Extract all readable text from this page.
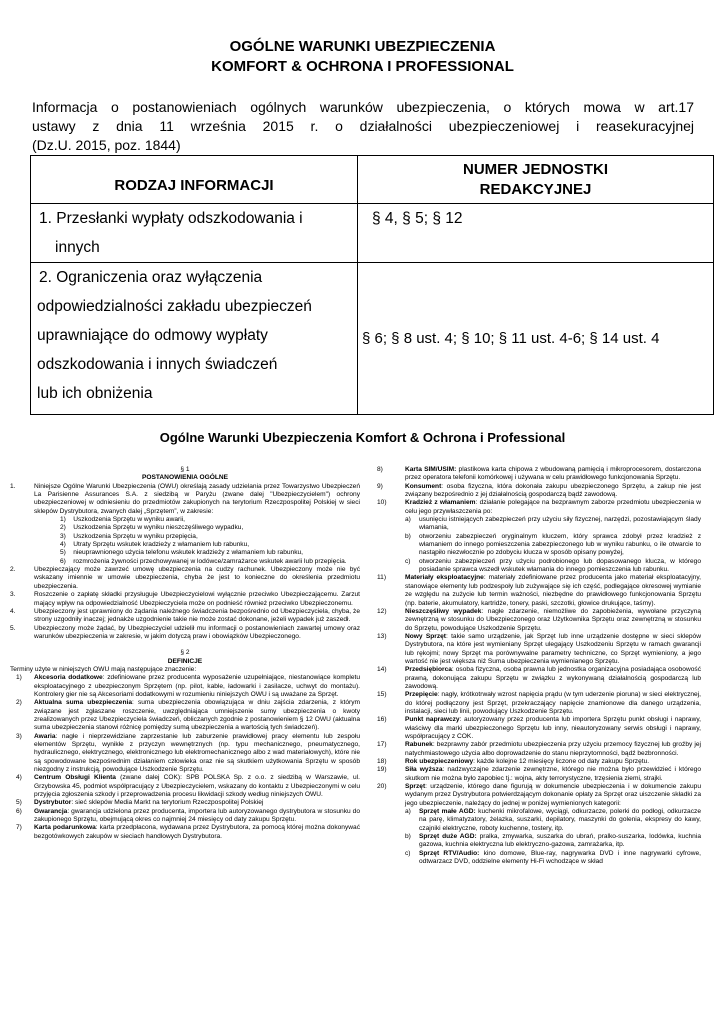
OGÓLNE WARUNKI UBEZPIECZENIA
KOMFORT & OCHRONA I PROFESSIONAL
Informacja o postanowieniach ogólnych warunków ubezpieczenia, o których mowa w art.17
ustawy z dnia 11 września 2015 r. o działalności ubezpieczeniowej i reasekuracyjnej
(Dz.U. 2015, poz. 1844)
RODZAJ INFORMACJI	NUMER JEDNOSTKI
REDAKCYJNEJ

1. Przesłanki wypłaty odszkodowania i
innych	§ 4, § 5; § 12

2. Ograniczenia oraz wyłączenia
odpowiedzialności zakładu ubezpieczeń
uprawniające do odmowy wypłaty
odszkodowania i innych świadczeń
lub ich obniżenia	§ 6; § 8 ust. 4; § 10; § 11 ust. 4-6; § 14 ust. 4
Ogólne Warunki Ubezpieczenia Komfort & Ochrona i Professional
§ 1
POSTANOWIENIA OGÓLNE
1.	Niniejsze Ogólne Warunki Ubezpieczenia (OWU) określają zasady udzielania przez Towarzystwo Ubezpieczeń La Parisienne Assurances S.A. z siedzibą w Paryżu (zwane dalej "Ubezpieczycielem") ochrony ubezpieczeniowej w odniesieniu do przedmiotów zakupionych na terytorium Rzeczpospolitej Polskiej w sieci sklepów Dystrybutora, zwanych dalej „Sprzętem”, w zakresie:
1)    Uszkodzenia Sprzętu w wyniku awarii,
2)    Uszkodzenia Sprzętu w wyniku nieszczęśliwego wypadku,
3)    Uszkodzenia Sprzętu w wyniku przepięcia,
4)    Utraty Sprzętu wskutek kradzieży z włamaniem lub rabunku,
5)    nieuprawnionego użycia telefonu wskutek kradzieży z włamaniem lub rabunku,
6)    rozmrożenia żywności przechowywanej w lodówce/zamrażarce wskutek awarii lub przepięcia.
2.	Ubezpieczający może zawrzeć umowę ubezpieczenia na cudzy rachunek. Ubezpieczony może nie być wskazany imiennie w umowie ubezpieczenia, chyba że jest to konieczne do określenia przedmiotu ubezpieczenia.
3.	Roszczenie o zapłatę składki przysługuje Ubezpieczycielowi wyłącznie przeciwko Ubezpieczającemu. Zarzut mający wpływ na odpowiedzialność Ubezpieczyciela może on podnieść również przeciwko Ubezpieczonemu.
4.	Ubezpieczony jest uprawniony do żądania należnego świadczenia bezpośrednio od Ubezpieczyciela, chyba, że strony uzgodniły inaczej; jednakże uzgodnienie takie nie może zostać dokonane, jeżeli wypadek już zaszedł.
5.	Ubezpieczony może żądać, by Ubezpieczyciel udzielił mu informacji o postanowieniach zawartej umowy oraz warunków ubezpieczenia w zakresie, w jakim dotyczą praw i obowiązków Ubezpieczonego.
§ 2
DEFINICJE
Terminy użyte w niniejszych OWU mają następujące znaczenie:
1)	Akcesoria dodatkowe: zdefiniowane przez producenta wyposażenie uzupełniające, niestanowiące kompletu eksploatacyjnego z ubezpieczonym Sprzętem (np. pilot, kable, ładowarki i zasilacze, uchwyt do montażu). Kontrolery gier nie są Akcesoriami dodatkowymi w rozumieniu niniejszych OWU i są uważane za Sprzęt.
2)	Aktualna suma ubezpieczenia: suma ubezpieczenia obowiązująca w dniu zajścia zdarzenia, z którym związane jest zgłaszane roszczenie, uwzględniająca umniejszenie sumy ubezpieczenia o kwoty zrealizowanych przez Ubezpieczyciela świadczeń, obliczanych zgodnie z postanowieniem § 12 OWU (aktualna suma ubezpieczenia stanowi różnicę pomiędzy sumą ubezpieczenia a wartością tych świadczeń).
3)	Awaria: nagłe i nieprzewidziane zaprzestanie lub zaburzenie prawidłowej pracy elementu lub zespołu elementów Sprzętu, wynikłe z przyczyn wewnętrznych (np. typu mechanicznego, pneumatycznego, hydraulicznego, elektrycznego, elektronicznego lub elektromechanicznego albo z wad materiałowych), które nie są spowodowane bezpośrednim działaniem człowieka oraz nie są skutkiem użytkowania Sprzętu w sposób niezgodny z instrukcją, powodujące Uszkodzenie Sprzętu.
4)	Centrum Obsługi Klienta (zwane dalej COK): SPB POLSKA Sp. z o.o. z siedzibą w Warszawie, ul. Grzybowska 45, podmiot współpracujący z Ubezpieczycielem, wskazany do kontaktu z Ubezpieczonymi w celu przyjęcia zgłoszenia szkody i przeprowadzenia procesu likwidacji szkody według niniejszych OWU.
5)	Dystrybutor: sieć sklepów Media Markt na terytorium Rzeczpospolitej Polskiej
6)	Gwarancja: gwarancja udzielona przez producenta, importera lub autoryzowanego dystrybutora w stosunku do zakupionego Sprzętu, obejmującą okres co najmniej 24 miesięcy od daty zakupu Sprzętu.
7)	Karta podarunkowa: karta przedpłacona, wydawana przez Dystrybutora, za pomocą której można dokonywać bezgotówkowych zakupów w sieciach handlowych Dystrybutora.
8)	Karta SIM/USIM: plastikowa karta chipowa z wbudowaną pamięcią i mikroprocesorem, dostarczona przez operatora telefonii komórkowej i używana w celu prawidłowego funkcjonowania Sprzętu.
9)	Konsument: osoba fizyczna, która dokonała zakupu ubezpieczonego Sprzętu, a zakup nie jest związany bezpośrednio z jej działalnością gospodarczą bądź zawodową.
10)	Kradzież z włamaniem: działanie polegające na bezprawnym zaborze przedmiotu ubezpieczenia w celu jego przywłaszczenia po:
a)	usunięciu istniejących zabezpieczeń przy użyciu siły fizycznej, narzędzi, pozostawiającym ślady włamania,
b)	otworzeniu zabezpieczeń oryginalnym kluczem, który sprawca zdobył przez kradzież z włamaniem do innego pomieszczenia zabezpieczonego lub w wyniku rabunku, o ile otwarcie to nastąpiło niezwłocznie po zdobyciu klucza w sposób opisany powyżej,
c)	otworzeniu zabezpieczeń przy użyciu podrobionego lub dopasowanego klucza, w którego posiadanie sprawca wszedł wskutek włamania do innego pomieszczenia lub rabunku.
11)	Materiały eksploatacyjne: materiały zdefiniowane przez producenta jako materiał eksploatacyjny, stanowiące elementy lub podzespoły lub zużywające się ich część, podlegające okresowej wymianie ze względu na zużycie lub termin ważności, niezbędne do prawidłowego funkcjonowania Sprzętu (np. baterie, akumulatory, kartridże, tonery, paski, szczotki, głowice drukujące, taśmy).
12)	Nieszczęśliwy wypadek: nagłe zdarzenie, niemożliwe do zapobieżenia, wywołane przyczyną zewnętrzną w stosunku do Ubezpieczonego oraz Użytkownika Sprzętu oraz zewnętrzną w stosunku do Sprzętu, powodujące Uszkodzenie Sprzętu.
13)	Nowy Sprzęt: takie samo urządzenie, jak Sprzęt lub inne urządzenie dostępne w sieci sklepów Dystrybutora, na które jest wymieniany Sprzęt ulegający Uszkodzeniu Sprzętu w ramach gwarancji lub rękojmi; nowy Sprzęt ma porównywalne parametry techniczne, co Sprzęt wymieniony, a jego wartość nie jest większa niż Suma ubezpieczenia wymienianego Sprzętu.
14)	Przedsiębiorca: osoba fizyczna, osoba prawna lub jednostka organizacyjna posiadająca osobowość prawną, dokonująca zakupu Sprzętu w związku z wykonywaną działalnością gospodarczą lub zawodową.
15)	Przepięcie: nagły, krótkotrwały wzrost napięcia prądu (w tym uderzenie pioruna) w sieci elektrycznej, do której podłączony jest Sprzęt, przekraczający napięcie znamionowe dla danego urządzenia, instalacji, sieci lub linii, powodujący Uszkodzenie Sprzętu.
16)	Punkt naprawczy: autoryzowany przez producenta lub importera Sprzętu punkt obsługi i naprawy, właściwy dla marki ubezpieczonego Sprzętu lub inny, nieautoryzowany serwis obsługi i naprawy, współpracujący z COK.
17)	Rabunek: bezprawny zabór przedmiotu ubezpieczenia przy użyciu przemocy fizycznej lub groźby jej natychmiastowego użycia albo doprowadzenie do stanu nieprzytomności, bądź bezbronności.
18)	Rok ubezpieczeniowy: każde kolejne 12 miesięcy liczone od daty zakupu Sprzętu.
19)	Siła wyższa: nadzwyczajne zdarzenie zewnętrzne, którego nie można było przewidzieć i którego skutkom nie można było zapobiec tj.: wojna, akty terrorystyczne, trzęsienia ziemi, strajki.
20)	Sprzęt: urządzenie, którego dane figurują w dokumencie ubezpieczenia i w dokumencie zakupu wydanym przez Dystrybutora potwierdzającym dokonanie opłaty za Sprzęt oraz uiszczenie składki za jego ubezpieczenie, należący do jednej w poniżej wymienionych kategorii:
a)	Sprzęt małe AGD: kuchenki mikrofalowe, wyciągi, odkurzacze, polerki do podłogi, odkurzacze na parę, klimatyzatory, żelazka, suszarki, depilatory, maszynki do golenia, ekspresy do kawy, czajniki elektryczne, roboty kuchenne, tostery, itp.
b)	Sprzęt duże AGD: pralka, zmywarka, suszarka do ubrań, pralko-suszarka, lodówka, kuchnia gazowa, kuchnia elektryczna lub elektryczno-gazowa, zamrażarka, itp.
c)	Sprzęt RTV/Audio: kino domowe, Blue-ray, nagrywarka DVD i inne nagrywarki cyfrowe, odtwarzacz DVD, oddzielne elementy Hi-Fi wchodzące w skład
